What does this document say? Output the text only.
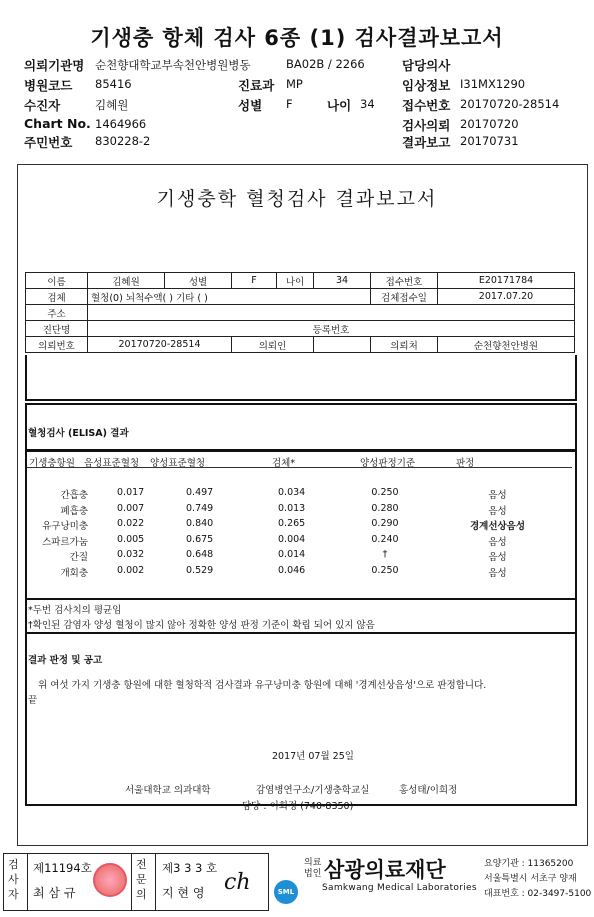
기생충 항체 검사 6종 (1) 검사결과보고서
의뢰기관명 순천향대학교부속천안병원병동	BA02B / 2266	담당의사
병원코드 85416	진료과 MP	임상정보 I31MX1290
수진자	김혜원	성별 F	나이 34 접수번호 20170720-28514
Chart No. 1464966	검사의뢰 20170720
주민번호 830228-2	결과보고 20170731
기생충학 혈청검사 결과보고서
이름	김혜원	성별	F	나이	34	접수번호	E20171784
검체	혈청(0) 뇌척수액( ) 기타 ( )					검체접수일	2017.07.20
주소							
진단명	등록번호						
의뢰번호	20170720-28514		의뢰인			의뢰처	순천향천안병원
혈청검사 (ELISA) 결과
기생충항원 음성표준혈청 양성표준혈청	검체*	양성판정기준	판정
간흡충	0.017	0.497	0.034	0.250	음성
폐흡충	0.007	0.749	0.013	0.280	음성
유구낭미충	0.022	0.840	0.265	0.290	경계선상음성
스파르가눔	0.005	0.675	0.004	0.240	음성
간질	0.032	0.648	0.014	†	음성
개회충	0.002	0.529	0.046	0.250	음성
*두번 검사치의 평균임
†확인된 감염자 양성 혈청이 많지 않아 정확한 양성 판정 기준이 확립 되어 있지 않음
결과 판정 및 공고
위 여섯 가지 기생충 항원에 대한 혈청학적 검사결과 유구낭미충 항원에 대해 '경계선상음성'으로 판정합니다.
끝
2017년 07월 25일
서울대학교 의과대학	감염병연구소/기생충학교실	홍성태/이희정
담당 : 이희정 (740-8350)
검사자
제11194호
최 삼 규
전문의
제3 3 3 호
지 현 영 ch
의료
법인 삼광의료재단
Samkwang Medical Laboratories
요양기관 : 11365200
서울특별시 서초구 양재
대표번호 : 02-3497-5100
SML
